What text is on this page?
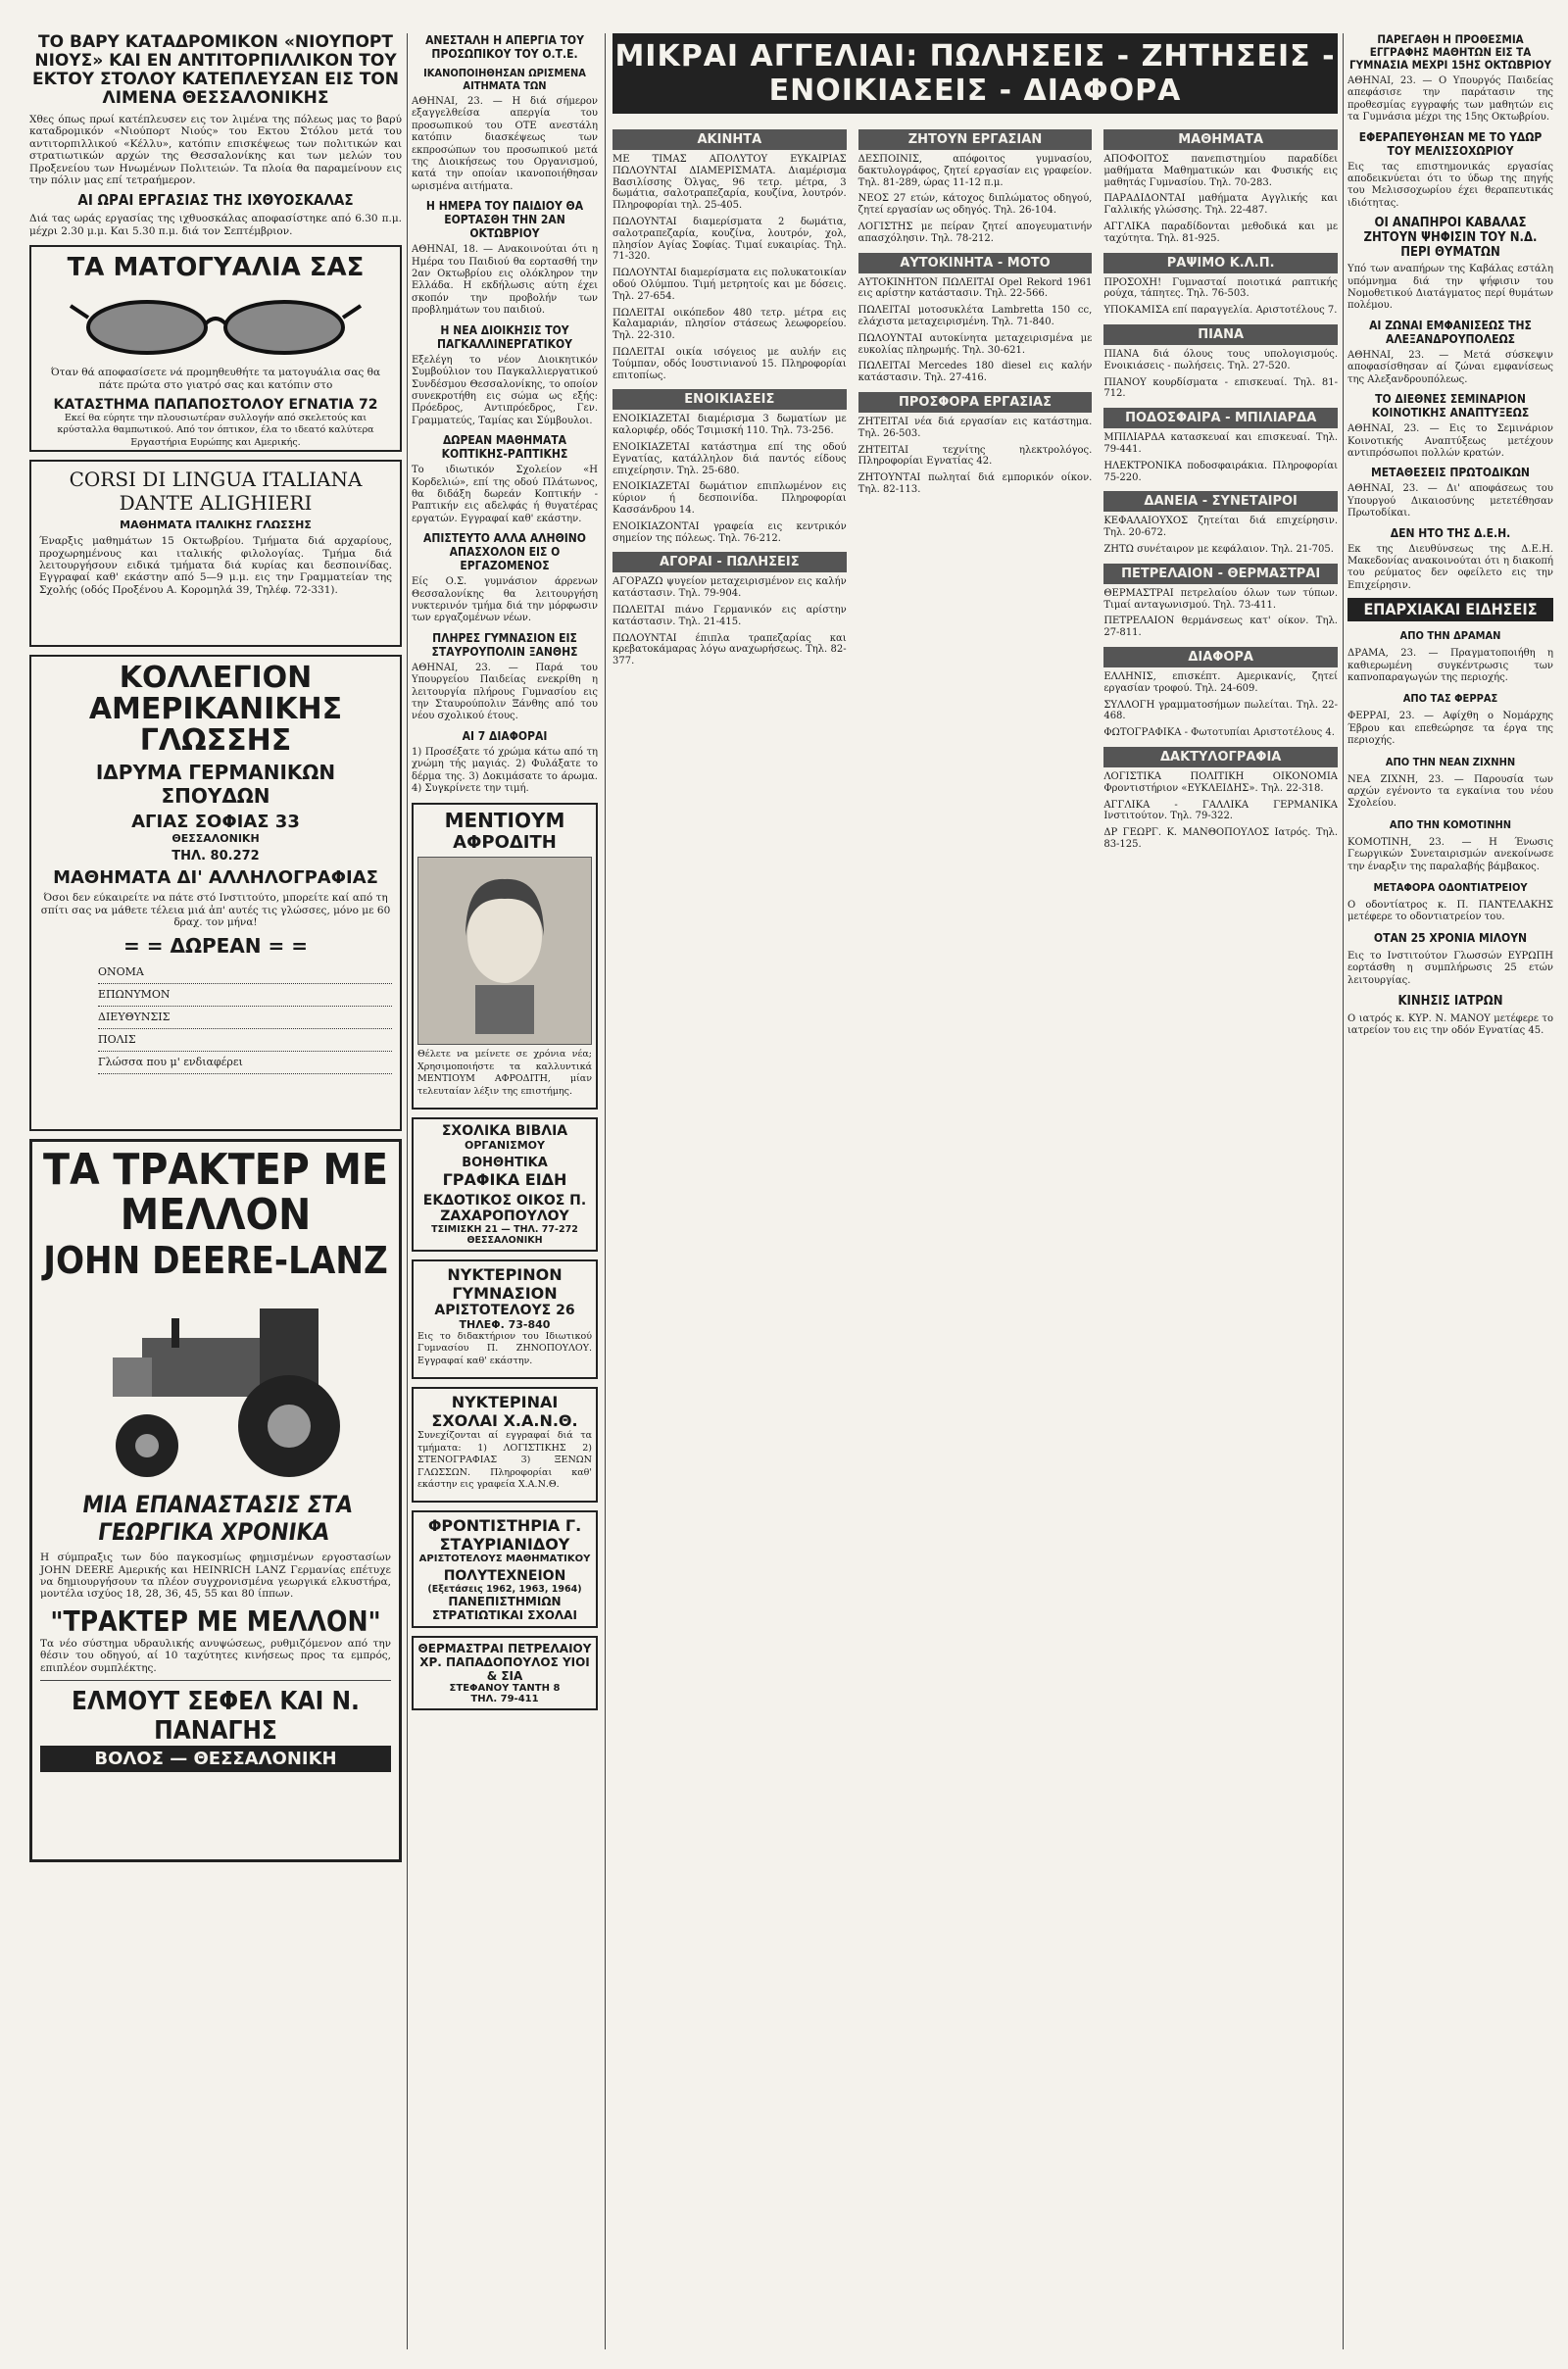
ΤΟ ΒΑΡΥ ΚΑΤΑΔΡΟΜΙΚΟΝ «ΝΙΟΥΠΟΡΤ ΝΙΟΥΣ» ΚΑΙ ΕΝ ΑΝΤΙΤΟΡΠΙΛΛΙΚΟΝ ΤΟΥ ΕΚΤΟΥ ΣΤΟΛΟΥ ΚΑΤΕΠΛΕΥΣΑΝ ΕΙΣ ΤΟΝ ΛΙΜΕΝΑ ΘΕΣΣΑΛΟΝΙΚΗΣ

Χθες όπως πρωί κατέπλευσεν εις τον λιμένα της πόλεως μας το βαρύ καταδρομικόν «Νιούπορτ Νιούς» του Εκτου Στόλου μετά του αντιτορπιλλικού «Κέλλυ», κατόπιν επισκέψεως των πολιτικών και στρατιωτικών αρχών της Θεσσαλονίκης και των μελών του Προξενείου των Ηνωμένων Πολιτειών. Τα πλοία θα παραμείνουν εις την πόλιν μας επί τετραήμερον.

ΑΙ ΩΡΑΙ ΕΡΓΑΣΙΑΣ ΤΗΣ ΙΧΘΥΟΣΚΑΛΑΣ

Διά τας ωράς εργασίας της ιχθυοσκάλας αποφασίστηκε από 6.30 π.μ. μέχρι 2.30 μ.μ. Και 5.30 π.μ. διά τον Σεπτέμβριον.

ΤΑ ΜΑΤΟΓΥΑΛΙΑ ΣΑΣ

Όταν θά αποφασίσετε νά προμηθευθήτε τα ματογυάλια σας θα πάτε πρώτα στο γιατρό σας και κατόπιν στο

ΚΑΤΑΣΤΗΜΑ ΠΑΠΑΠΟΣΤΟΛΟΥ ΕΓΝΑΤΙΑ 72

Εκεί θα εύρητε την πλουσιωτέραν συλλογήν από σκελετούς και κρύσταλλα θαμπωτικού. Από τον όπτικον, έλα το ιδεατό καλύτερα Εργαστήρια Ευρώπης και Αμερικής.

CORSI DI LINGUA ITALIANA DANTE ALIGHIERI
ΜΑΘΗΜΑΤΑ ΙΤΑΛΙΚΗΣ ΓΛΩΣΣΗΣ

Έναρξις μαθημάτων 15 Οκτωβρίου. Τμήματα διά αρχαρίους, προχωρημένους και ιταλικής φιλολογίας. Τμήμα διά λειτουργήσουν ειδικά τμήματα διά κυρίας και δεσποινίδας. Εγγραφαί καθ' εκάστην από 5—9 μ.μ. εις την Γραμματείαν της Σχολής (οδός Προξένου Α. Κορομηλά 39, Τηλέφ. 72-331).

ΚΟΛΛΕΓΙΟΝ ΑΜΕΡΙΚΑΝΙΚΗΣ ΓΛΩΣΣΗΣ
ΙΔΡΥΜΑ ΓΕΡΜΑΝΙΚΩΝ ΣΠΟΥΔΩΝ
ΑΓΙΑΣ ΣΟΦΙΑΣ 33
ΘΕΣΣΑΛΟΝΙΚΗ
ΤΗΛ. 80.272
ΜΑΘΗΜΑΤΑ ΔΙ' ΑΛΛΗΛΟΓΡΑΦΙΑΣ

Όσοι δεν εύκαιρείτε να πάτε στό Ινστιτούτο, μπορείτε καί από τη σπίτι σας να μάθετε τέλεια μιά ἀπ' αυτές τις γλώσσες, μόνο με 60 δραχ. τον μήνα!

= = ΔΩΡΕΑΝ = =
ΟΝΟΜΑ
ΕΠΩΝΥΜΟΝ
ΔΙΕΥΘΥΝΣΙΣ
ΠΟΛΙΣ
Γλώσσα που μ' ενδιαφέρει
ΤΑ ΤΡΑΚΤΕΡ ΜΕ ΜΕΛΛΟΝ
JOHN DEERE-LANZ
ΜΙΑ ΕΠΑΝΑΣΤΑΣΙΣ ΣΤΑ ΓΕΩΡΓΙΚΑ ΧΡΟΝΙΚΑ

Η σύμπραξις των δύο παγκοσμίως φημισμένων εργοστασίων JOHN DEERE Αμερικής και HEINRICH LANZ Γερμανίας επέτυχε να δημιουργήσουν τα πλέον συγχρονισμένα γεωργικά ελκυστήρα, μοντέλα ισχύος 18, 28, 36, 45, 55 και 80 ίππων.

"ΤΡΑΚΤΕΡ ΜΕ ΜΕΛΛΟΝ"

Τα νέο σύστημα υδραυλικής ανυψώσεως, ρυθμιζόμενον από την θέσιν του οδηγού, αί 10 ταχύτητες κινήσεως προς τα εμπρός, επιπλέον συμπλέκτης.

ΕΛΜΟΥΤ ΣΕΦΕΛ ΚΑΙ Ν. ΠΑΝΑΓΗΣ
ΒΟΛΟΣ — ΘΕΣΣΑΛΟΝΙΚΗ
ΑΝΕΣΤΑΛΗ Η ΑΠΕΡΓΙΑ ΤΟΥ ΠΡΟΣΩΠΙΚΟΥ ΤΟΥ Ο.Τ.Ε.
ΙΚΑΝΟΠΟΙΗΘΗΣΑΝ ΩΡΙΣΜΕΝΑ ΑΙΤΗΜΑΤΑ ΤΩΝ

ΑΘΗΝΑΙ, 23. — Η διά σήμερον εξαγγελθείσα απεργία του προσωπικού του ΟΤΕ ανεστάλη κατόπιν διασκέψεως των εκπροσώπων του προσωπικού μετά της Διοικήσεως του Οργανισμού, κατά την οποίαν ικανοποιήθησαν ωρισμένα αιτήματα.

Η ΗΜΕΡΑ ΤΟΥ ΠΑΙΔΙΟΥ ΘΑ ΕΟΡΤΑΣΘΗ ΤΗΝ 2ΑΝ ΟΚΤΩΒΡΙΟΥ

ΑΘΗΝΑΙ, 18. — Ανακοινούται ότι η Ημέρα του Παιδιού θα εορτασθή την 2αν Οκτωβρίου εις ολόκληρον την Ελλάδα. Η εκδήλωσις αύτη έχει σκοπόν την προβολήν των προβλημάτων του παιδιού.

Η ΝΕΑ ΔΙΟΙΚΗΣΙΣ ΤΟΥ ΠΑΓΚΑΛΛΙΝΕΡΓΑΤΙΚΟΥ

Εξελέγη το νέον Διοικητικόν Συμβούλιον του Παγκαλλιεργατικού Συνδέσμου Θεσσαλονίκης, το οποίον συνεκροτήθη εις σώμα ως εξής: Πρόεδρος, Αντιπρόεδρος, Γεν. Γραμματεύς, Ταμίας και Σύμβουλοι.

ΔΩΡΕΑΝ ΜΑΘΗΜΑΤΑ ΚΟΠΤΙΚΗΣ-ΡΑΠΤΙΚΗΣ

Το ιδιωτικόν Σχολείον «Η Κορδελιώ», επί της οδού Πλάτωνος, θα διδάξη δωρεάν Κοπτικήν - Ραπτικήν εις αδελφάς ή θυγατέρας εργατών. Εγγραφαί καθ' εκάστην.

ΑΠΙΣΤΕΥΤΟ ΑΛΛΑ ΑΛΗΘΙΝΟ ΑΠΑΣΧΟΛΟΝ ΕΙΣ Ο ΕΡΓΑΖΟΜΕΝΟΣ

Είς Ο.Σ. γυμνάσιον άρρενων Θεσσαλονίκης θα λειτουργήση νυκτερινόν τμήμα διά την μόρφωσιν των εργαζομένων νέων.

ΠΛΗΡΕΣ ΓΥΜΝΑΣΙΟΝ ΕΙΣ ΣΤΑΥΡΟΥΠΟΛΙΝ ΞΑΝΘΗΣ

ΑΘΗΝΑΙ, 23. — Παρά του Υπουργείου Παιδείας ενεκρίθη η λειτουργία πλήρους Γυμνασίου εις την Σταυρούπολιν Ξάνθης από του νέου σχολικού έτους.

ΑΙ 7 ΔΙΑΦΟΡΑΙ

1) Προσέξατε τό χρώμα κάτω από τη χνώμη τής μαγιάς. 2) Φυλάξατε το δέρμα της. 3) Δοκιμάσατε το άρωμα. 4) Συγκρίνετε την τιμή.

ΜΕΝΤΙΟΥΜ
ΑΦΡΟΔΙΤΗ

Θέλετε να μείνετε σε χρόνια νέα; Χρησιμοποιήστε τα καλλυντικά ΜΕΝΤΙΟΥΜ ΑΦΡΟΔΙΤΗ, μίαν τελευταίαν λέξιν της επιστήμης.

ΣΧΟΛΙΚΑ ΒΙΒΛΙΑ
ΟΡΓΑΝΙΣΜΟΥ
ΒΟΗΘΗΤΙΚΑ
ΓΡΑΦΙΚΑ ΕΙΔΗ
ΕΚΔΟΤΙΚΟΣ ΟΙΚΟΣ Π. ΖΑΧΑΡΟΠΟΥΛΟΥ
ΤΣΙΜΙΣΚΗ 21 — ΤΗΛ. 77-272 ΘΕΣΣΑΛΟΝΙΚΗ
ΝΥΚΤΕΡΙΝΟΝ ΓΥΜΝΑΣΙΟΝ
ΑΡΙΣΤΟΤΕΛΟΥΣ 26
ΤΗΛΕΦ. 73-840

Εις το διδακτήριον του Ιδιωτικού Γυμνασίου Π. ΖΗΝΟΠΟΥΛΟΥ. Εγγραφαί καθ' εκάστην.

ΝΥΚΤΕΡΙΝΑΙ ΣΧΟΛΑΙ Χ.Α.Ν.Θ.

Συνεχίζονται αί εγγραφαί διά τα τμήματα: 1) ΛΟΓΙΣΤΙΚΗΣ 2) ΣΤΕΝΟΓΡΑΦΙΑΣ 3) ΞΕΝΩΝ ΓΛΩΣΣΩΝ. Πληροφορίαι καθ' εκάστην εις γραφεία Χ.Α.Ν.Θ.

ΦΡΟΝΤΙΣΤΗΡΙΑ Γ. ΣΤΑΥΡΙΑΝΙΔΟΥ
ΑΡΙΣΤΟΤΕΛΟΥΣ ΜΑΘΗΜΑΤΙΚΟΥ
ΠΟΛΥΤΕΧΝΕΙΟΝ
(Εξετάσεις 1962, 1963, 1964)
ΠΑΝΕΠΙΣΤΗΜΙΩΝ ΣΤΡΑΤΙΩΤΙΚΑΙ ΣΧΟΛΑΙ
ΘΕΡΜΑΣΤΡΑΙ ΠΕΤΡΕΛΑΙΟΥ ΧΡ. ΠΑΠΑΔΟΠΟΥΛΟΣ ΥΙΟΙ & ΣΙΑ
ΣΤΕΦΑΝΟΥ ΤΑΝΤΗ 8
ΤΗΛ. 79-411
ΜΙΚΡΑΙ ΑΓΓΕΛΙΑΙ: ΠΩΛΗΣΕΙΣ - ΖΗΤΗΣΕΙΣ - ΕΝΟΙΚΙΑΣΕΙΣ - ΔΙΑΦΟΡΑ
ΑΚΙΝΗΤΑ

ΜΕ ΤΙΜΑΣ ΑΠΟΛΥΤΟΥ ΕΥΚΑΙΡΙΑΣ ΠΩΛΟΥΝΤΑΙ ΔΙΑΜΕΡΙΣΜΑΤΑ. Διαμέρισμα Βασιλίσσης Όλγας, 96 τετρ. μέτρα, 3 δωμάτια, σαλοτραπεζαρία, κουζίνα, λουτρόν. Πληροφορίαι τηλ. 25-405.

ΠΩΛΟΥΝΤΑΙ διαμερίσματα 2 δωμάτια, σαλοτραπεζαρία, κουζίνα, λουτρόν, χολ, πλησίον Αγίας Σοφίας. Τιμαί ευκαιρίας. Τηλ. 71-320.

ΠΩΛΟΥΝΤΑΙ διαμερίσματα εις πολυκατοικίαν οδού Ολύμπου. Τιμή μετρητοίς και με δόσεις. Τηλ. 27-654.

ΠΩΛΕΙΤΑΙ οικόπεδον 480 τετρ. μέτρα εις Καλαμαριάν, πλησίον στάσεως λεωφορείου. Τηλ. 22-310.

ΠΩΛΕΙΤΑΙ οικία ισόγειος με αυλήν εις Τούμπαν, οδός Ιουστινιανού 15. Πληροφορίαι επιτοπίως.

ΕΝΟΙΚΙΑΣΕΙΣ

ΕΝΟΙΚΙΑΖΕΤΑΙ διαμέρισμα 3 δωματίων με καλοριφέρ, οδός Τσιμισκή 110. Τηλ. 73-256.

ΕΝΟΙΚΙΑΖΕΤΑΙ κατάστημα επί της οδού Εγνατίας, κατάλληλον διά παντός είδους επιχείρησιν. Τηλ. 25-680.

ΕΝΟΙΚΙΑΖΕΤΑΙ δωμάτιον επιπλωμένον εις κύριον ή δεσποινίδα. Πληροφορίαι Κασσάνδρου 14.

ΕΝΟΙΚΙΑΖΟΝΤΑΙ γραφεία εις κεντρικόν σημείον της πόλεως. Τηλ. 76-212.

ΑΓΟΡΑΙ - ΠΩΛΗΣΕΙΣ

ΑΓΟΡΑΖΩ ψυγείον μεταχειρισμένον εις καλήν κατάστασιν. Τηλ. 79-904.

ΠΩΛΕΙΤΑΙ πιάνο Γερμανικόν εις αρίστην κατάστασιν. Τηλ. 21-415.

ΠΩΛΟΥΝΤΑΙ έπιπλα τραπεζαρίας και κρεβατοκάμαρας λόγω αναχωρήσεως. Τηλ. 82-377.

ΖΗΤΟΥΝ ΕΡΓΑΣΙΑΝ

ΔΕΣΠΟΙΝΙΣ, απόφοιτος γυμνασίου, δακτυλογράφος, ζητεί εργασίαν εις γραφείον. Τηλ. 81-289, ώρας 11-12 π.μ.

ΝΕΟΣ 27 ετών, κάτοχος διπλώματος οδηγού, ζητεί εργασίαν ως οδηγός. Τηλ. 26-104.

ΛΟΓΙΣΤΗΣ με πείραν ζητεί απογευματινήν απασχόλησιν. Τηλ. 78-212.

ΑΥΤΟΚΙΝΗΤΑ - ΜΟΤΟ

ΑΥΤΟΚΙΝΗΤΟΝ ΠΩΛΕΙΤΑΙ Opel Rekord 1961 εις αρίστην κατάστασιν. Τηλ. 22-566.

ΠΩΛΕΙΤΑΙ μοτοσυκλέτα Lambretta 150 cc, ελάχιστα μεταχειρισμένη. Τηλ. 71-840.

ΠΩΛΟΥΝΤΑΙ αυτοκίνητα μεταχειρισμένα με ευκολίας πληρωμής. Τηλ. 30-621.

ΠΩΛΕΙΤΑΙ Mercedes 180 diesel εις καλήν κατάστασιν. Τηλ. 27-416.

ΠΡΟΣΦΟΡΑ ΕΡΓΑΣΙΑΣ

ΖΗΤΕΙΤΑΙ νέα διά εργασίαν εις κατάστημα. Τηλ. 26-503.

ΖΗΤΕΙΤΑΙ τεχνίτης ηλεκτρολόγος. Πληροφορίαι Εγνατίας 42.

ΖΗΤΟΥΝΤΑΙ πωληταί διά εμπορικόν οίκον. Τηλ. 82-113.

ΜΑΘΗΜΑΤΑ

ΑΠΟΦΟΙΤΟΣ πανεπιστημίου παραδίδει μαθήματα Μαθηματικών και Φυσικής εις μαθητάς Γυμνασίου. Τηλ. 70-283.

ΠΑΡΑΔΙΔΟΝΤΑΙ μαθήματα Αγγλικής και Γαλλικής γλώσσης. Τηλ. 22-487.

ΑΓΓΛΙΚΑ παραδίδονται μεθοδικά και με ταχύτητα. Τηλ. 81-925.

ΡΑΨΙΜΟ Κ.Λ.Π.

ΠΡΟΣΟΧΗ! Γυμνασταί ποιοτικά ραπτικής ρούχα, τάπητες. Τηλ. 76-503.

ΥΠΟΚΑΜΙΣΑ επί παραγγελία. Αριστοτέλους 7.

ΠΙΑΝΑ

ΠΙΑΝΑ διά όλους τους υπολογισμούς. Ενοικιάσεις - πωλήσεις. Τηλ. 27-520.

ΠΙΑΝΟΥ κουρδίσματα - επισκευαί. Τηλ. 81-712.

ΠΟΔΟΣΦΑΙΡΑ - ΜΠΙΛΙΑΡΔΑ

ΜΠΙΛΙΑΡΔΑ κατασκευαί και επισκευαί. Τηλ. 79-441.

ΗΛΕΚΤΡΟΝΙΚΑ ποδοσφαιράκια. Πληροφορίαι 75-220.

ΔΑΝΕΙΑ - ΣΥΝΕΤΑΙΡΟΙ

ΚΕΦΑΛΑΙΟΥΧΟΣ ζητείται διά επιχείρησιν. Τηλ. 20-672.

ΖΗΤΩ συνέταιρον με κεφάλαιον. Τηλ. 21-705.

ΠΕΤΡΕΛΑΙΟΝ - ΘΕΡΜΑΣΤΡΑΙ

ΘΕΡΜΑΣΤΡΑΙ πετρελαίου όλων των τύπων. Τιμαί ανταγωνισμού. Τηλ. 73-411.

ΠΕΤΡΕΛΑΙΟΝ θερμάνσεως κατ' οίκον. Τηλ. 27-811.

ΔΙΑΦΟΡΑ

ΕΛΛΗΝΙΣ, επισκέπτ. Αμερικανίς, ζητεί εργασίαν τροφού. Τηλ. 24-609.

ΣΥΛΛΟΓΗ γραμματοσήμων πωλείται. Τηλ. 22-468.

ΦΩΤΟΓΡΑΦΙΚΑ - Φωτοτυπίαι Αριστοτέλους 4.

ΔΑΚΤΥΛΟΓΡΑΦΙΑ

ΛΟΓΙΣΤΙΚΑ ΠΟΛΙΤΙΚΗ ΟΙΚΟΝΟΜΙΑ Φροντιστήριον «ΕΥΚΛΕΙΔΗΣ». Τηλ. 22-318.

ΑΓΓΛΙΚΑ - ΓΑΛΛΙΚΑ ΓΕΡΜΑΝΙΚΑ Ινστιτούτον. Τηλ. 79-322.

ΔΡ ΓΕΩΡΓ. Κ. ΜΑΝΘΟΠΟΥΛΟΣ Ιατρός. Τηλ. 83-125.

ΠΑΡΕΓΑΘΗ Η ΠΡΟΘΕΣΜΙΑ ΕΓΓΡΑΦΗΣ ΜΑΘΗΤΩΝ ΕΙΣ ΤΑ ΓΥΜΝΑΣΙΑ ΜΕΧΡΙ 15ΗΣ ΟΚΤΩΒΡΙΟΥ

ΑΘΗΝΑΙ, 23. — Ο Υπουργός Παιδείας απεφάσισε την παράτασιν της προθεσμίας εγγραφής των μαθητών εις τα Γυμνάσια μέχρι της 15ης Οκτωβρίου.

ΕΦΕΡΑΠΕΥΘΗΣΑΝ ΜΕ ΤΟ ΥΔΩΡ ΤΟΥ ΜΕΛΙΣΣΟΧΩΡΙΟΥ

Εις τας επιστημονικάς εργασίας αποδεικνύεται ότι το ύδωρ της πηγής του Μελισσοχωρίου έχει θεραπευτικάς ιδιότητας.

ΟΙ ΑΝΑΠΗΡΟΙ ΚΑΒΑΛΑΣ ΖΗΤΟΥΝ ΨΗΦΙΣΙΝ ΤΟΥ Ν.Δ. ΠΕΡΙ ΘΥΜΑΤΩΝ

Υπό των αναπήρων της Καβάλας εστάλη υπόμνημα διά την ψήφισιν του Νομοθετικού Διατάγματος περί θυμάτων πολέμου.

ΑΙ ΖΩΝΑΙ ΕΜΦΑΝΙΣΕΩΣ ΤΗΣ ΑΛΕΞΑΝΔΡΟΥΠΟΛΕΩΣ

ΑΘΗΝΑΙ, 23. — Μετά σύσκεψιν αποφασίσθησαν αί ζώναι εμφανίσεως της Αλεξανδρουπόλεως.

ΤΟ ΔΙΕΘΝΕΣ ΣΕΜΙΝΑΡΙΟΝ ΚΟΙΝΟΤΙΚΗΣ ΑΝΑΠΤΥΞΕΩΣ

ΑΘΗΝΑΙ, 23. — Εις το Σεμινάριον Κοινοτικής Αναπτύξεως μετέχουν αντιπρόσωποι πολλών κρατών.

ΜΕΤΑΘΕΣΕΙΣ ΠΡΩΤΟΔΙΚΩΝ

ΑΘΗΝΑΙ, 23. — Δι' αποφάσεως του Υπουργού Δικαιοσύνης μετετέθησαν Πρωτοδίκαι.

ΔΕΝ ΗΤΟ ΤΗΣ Δ.Ε.Η.

Εκ της Διευθύνσεως της Δ.Ε.Η. Μακεδονίας ανακοινούται ότι η διακοπή του ρεύματος δεν οφείλετο εις την Επιχείρησιν.

ΕΠΑΡΧΙΑΚΑΙ ΕΙΔΗΣΕΙΣ
ΑΠΟ ΤΗΝ ΔΡΑΜΑΝ

ΔΡΑΜΑ, 23. — Πραγματοποιήθη η καθιερωμένη συγκέντρωσις των καπνοπαραγωγών της περιοχής.

ΑΠΟ ΤΑΣ ΦΕΡΡΑΣ

ΦΕΡΡΑΙ, 23. — Αφίχθη ο Νομάρχης Έβρου και επεθεώρησε τα έργα της περιοχής.

ΑΠΟ ΤΗΝ ΝΕΑΝ ΖΙΧΝΗΝ

ΝΕΑ ΖΙΧΝΗ, 23. — Παρουσία των αρχών εγένοντο τα εγκαίνια του νέου Σχολείου.

ΑΠΟ ΤΗΝ ΚΟΜΟΤΙΝΗΝ

ΚΟΜΟΤΙΝΗ, 23. — Η Ένωσις Γεωργικών Συνεταιρισμών ανεκοίνωσε την έναρξιν της παραλαβής βάμβακος.

ΜΕΤΑΦΟΡΑ ΟΔΟΝΤΙΑΤΡΕΙΟΥ

Ο οδοντίατρος κ. Π. ΠΑΝΤΕΛΑΚΗΣ μετέφερε το οδοντιατρείον του.

ΟΤΑΝ 25 ΧΡΟΝΙΑ ΜΙΛΟΥΝ

Εις το Ινστιτούτον Γλωσσών ΕΥΡΩΠΗ εορτάσθη η συμπλήρωσις 25 ετών λειτουργίας.

ΚΙΝΗΣΙΣ ΙΑΤΡΩΝ

Ο ιατρός κ. ΚΥΡ. Ν. ΜΑΝΟΥ μετέφερε το ιατρείον του εις την οδόν Εγνατίας 45.
